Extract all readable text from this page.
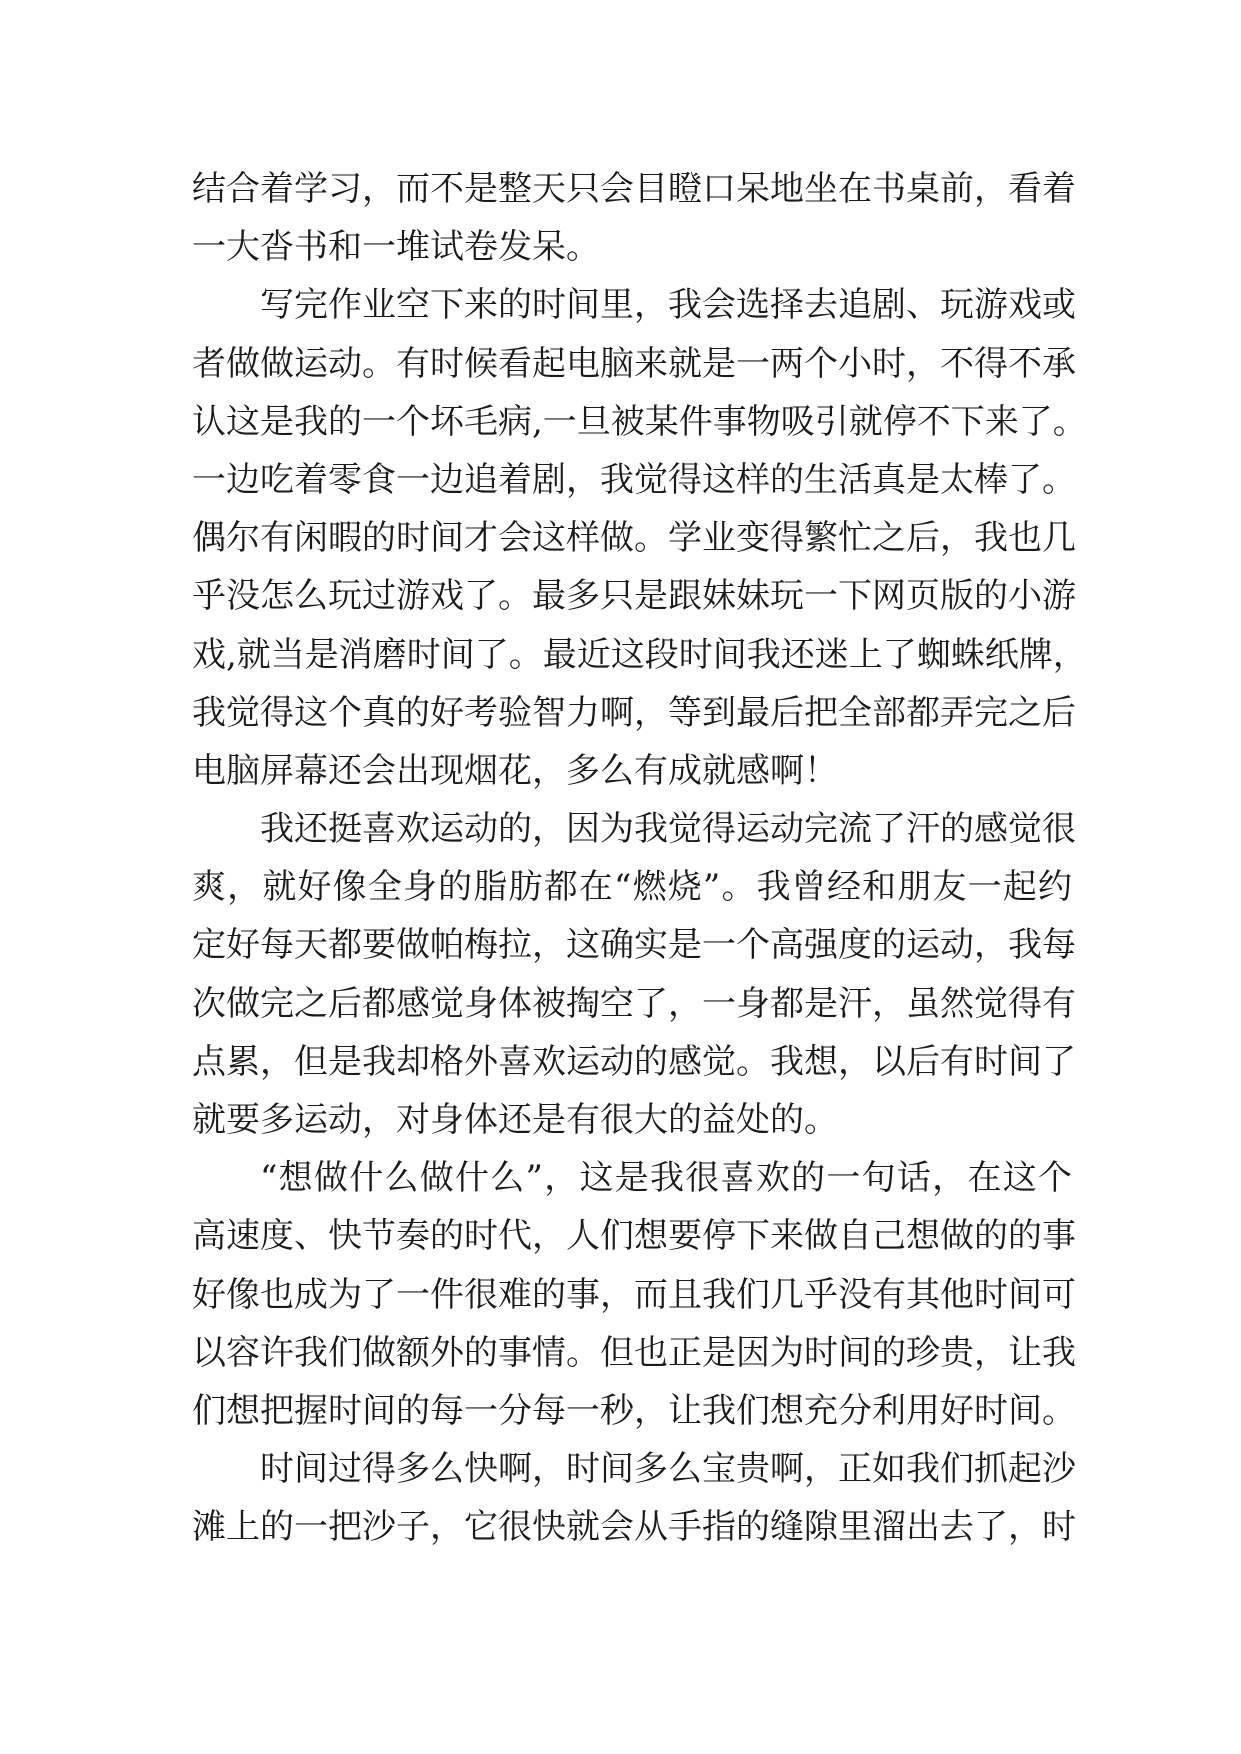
结合着学习，而不是整天只会目瞪口呆地坐在书桌前，看着
一大沓书和一堆试卷发呆。
写完作业空下来的时间里，我会选择去追剧、玩游戏或
者做做运动。有时候看起电脑来就是一两个小时，不得不承
认这是我的一个坏毛病,一旦被某件事物吸引就停不下来了。
一边吃着零食一边追着剧，我觉得这样的生活真是太棒了。
偶尔有闲暇的时间才会这样做。学业变得繁忙之后，我也几
乎没怎么玩过游戏了。最多只是跟妹妹玩一下网页版的小游
戏,就当是消磨时间了。最近这段时间我还迷上了蜘蛛纸牌，
我觉得这个真的好考验智力啊，等到最后把全部都弄完之后
电脑屏幕还会出现烟花，多么有成就感啊！
我还挺喜欢运动的，因为我觉得运动完流了汗的感觉很
爽，就好像全身的脂肪都在“燃烧”。我曾经和朋友一起约
定好每天都要做帕梅拉，这确实是一个高强度的运动，我每
次做完之后都感觉身体被掏空了，一身都是汗，虽然觉得有
点累，但是我却格外喜欢运动的感觉。我想，以后有时间了
就要多运动，对身体还是有很大的益处的。
“想做什么做什么”，这是我很喜欢的一句话，在这个
高速度、快节奏的时代，人们想要停下来做自己想做的的事
好像也成为了一件很难的事，而且我们几乎没有其他时间可
以容许我们做额外的事情。但也正是因为时间的珍贵，让我
们想把握时间的每一分每一秒，让我们想充分利用好时间。
时间过得多么快啊，时间多么宝贵啊，正如我们抓起沙
滩上的一把沙子，它很快就会从手指的缝隙里溜出去了，时
